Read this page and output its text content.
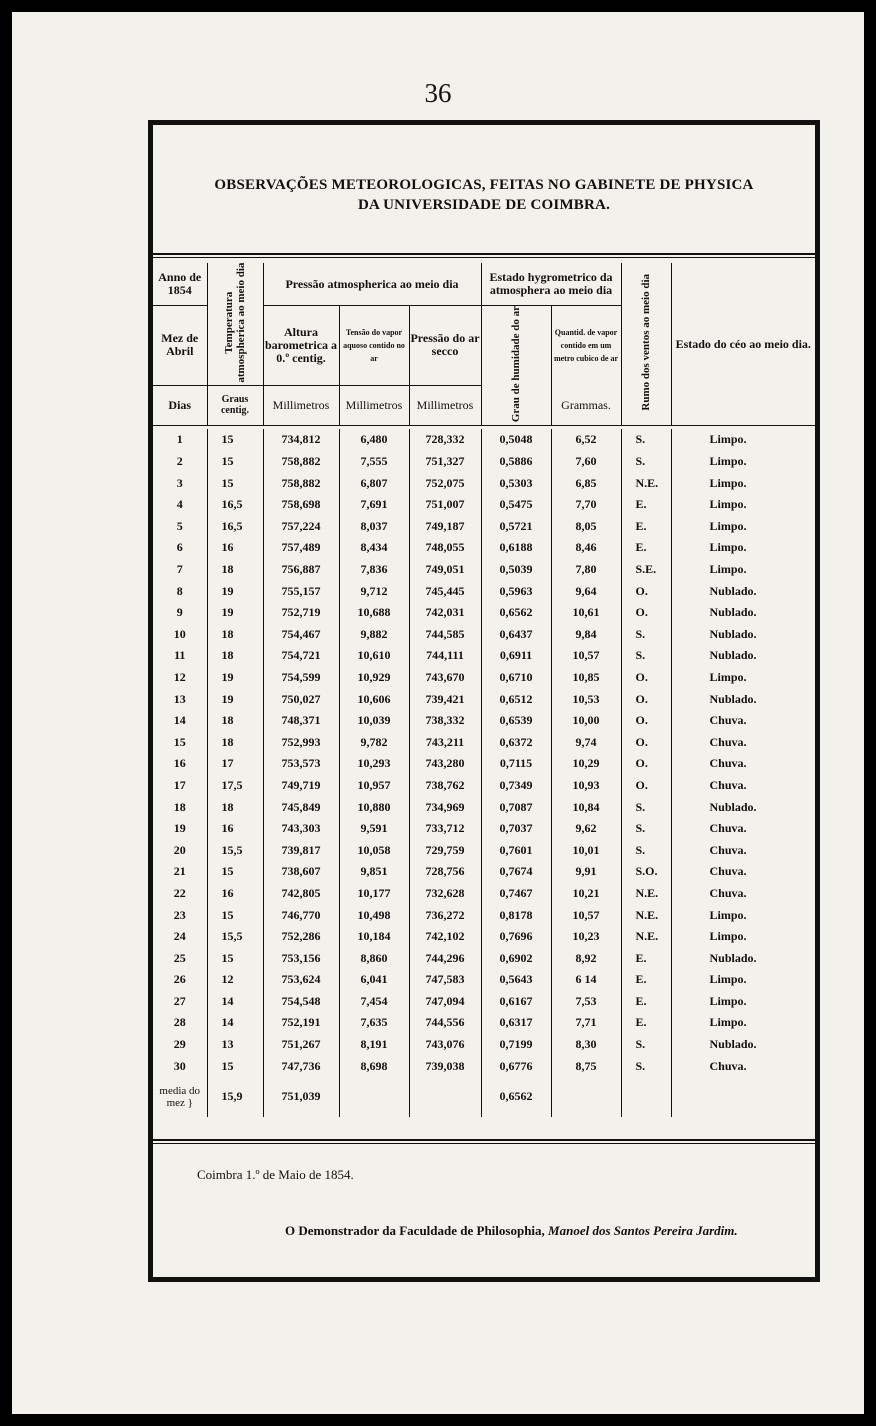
36
OBSERVAÇÕES METEOROLOGICAS, FEITAS NO GABINETE DE PHYSICA
DA UNIVERSIDADE DE COIMBRA.
Anno de 1854	Temperatura atmospherica ao meio dia	Pressão atmospherica ao meio dia			Estado hygrometrico da atmosphera ao meio dia		Rumo dos ventos ao meio dia	Estado do céo ao meio dia.
Mez de Abril		Altura barometrica a 0.º centig.	Tensão do vapor aquoso contido no ar	Pressão do ar secco	Grau de humidade do ar	Quantid. de vapor contido em um metro cubico de ar		
Dias	Graus centig.	Millimetros	Millimetros	Millimetros		Grammas.		

1	15	734,812	6,480	728,332	0,5048	6,52	S.	Limpo.
2	15	758,882	7,555	751,327	0,5886	7,60	S.	Limpo.
3	15	758,882	6,807	752,075	0,5303	6,85	N.E.	Limpo.
4	16,5	758,698	7,691	751,007	0,5475	7,70	E.	Limpo.
5	16,5	757,224	8,037	749,187	0,5721	8,05	E.	Limpo.
6	16	757,489	8,434	748,055	0,6188	8,46	E.	Limpo.
7	18	756,887	7,836	749,051	0,5039	7,80	S.E.	Limpo.
8	19	755,157	9,712	745,445	0,5963	9,64	O.	Nublado.
9	19	752,719	10,688	742,031	0,6562	10,61	O.	Nublado.
10	18	754,467	9,882	744,585	0,6437	9,84	S.	Nublado.
11	18	754,721	10,610	744,111	0,6911	10,57	S.	Nublado.
12	19	754,599	10,929	743,670	0,6710	10,85	O.	Limpo.
13	19	750,027	10,606	739,421	0,6512	10,53	O.	Nublado.
14	18	748,371	10,039	738,332	0,6539	10,00	O.	Chuva.
15	18	752,993	9,782	743,211	0,6372	9,74	O.	Chuva.
16	17	753,573	10,293	743,280	0,7115	10,29	O.	Chuva.
17	17,5	749,719	10,957	738,762	0,7349	10,93	O.	Chuva.
18	18	745,849	10,880	734,969	0,7087	10,84	S.	Nublado.
19	16	743,303	9,591	733,712	0,7037	9,62	S.	Chuva.
20	15,5	739,817	10,058	729,759	0,7601	10,01	S.	Chuva.
21	15	738,607	9,851	728,756	0,7674	9,91	S.O.	Chuva.
22	16	742,805	10,177	732,628	0,7467	10,21	N.E.	Chuva.
23	15	746,770	10,498	736,272	0,8178	10,57	N.E.	Limpo.
24	15,5	752,286	10,184	742,102	0,7696	10,23	N.E.	Limpo.
25	15	753,156	8,860	744,296	0,6902	8,92	E.	Nublado.
26	12	753,624	6,041	747,583	0,5643	6 14	E.	Limpo.
27	14	754,548	7,454	747,094	0,6167	7,53	E.	Limpo.
28	14	752,191	7,635	744,556	0,6317	7,71	E.	Limpo.
29	13	751,267	8,191	743,076	0,7199	8,30	S.	Nublado.
30	15	747,736	8,698	739,038	0,6776	8,75	S.	Chuva.
media do mez }	15,9	751,039			0,6562			
Coimbra 1.º de Maio de 1854.
O Demonstrador da Faculdade de Philosophia, Manoel dos Santos Pereira Jardim.
